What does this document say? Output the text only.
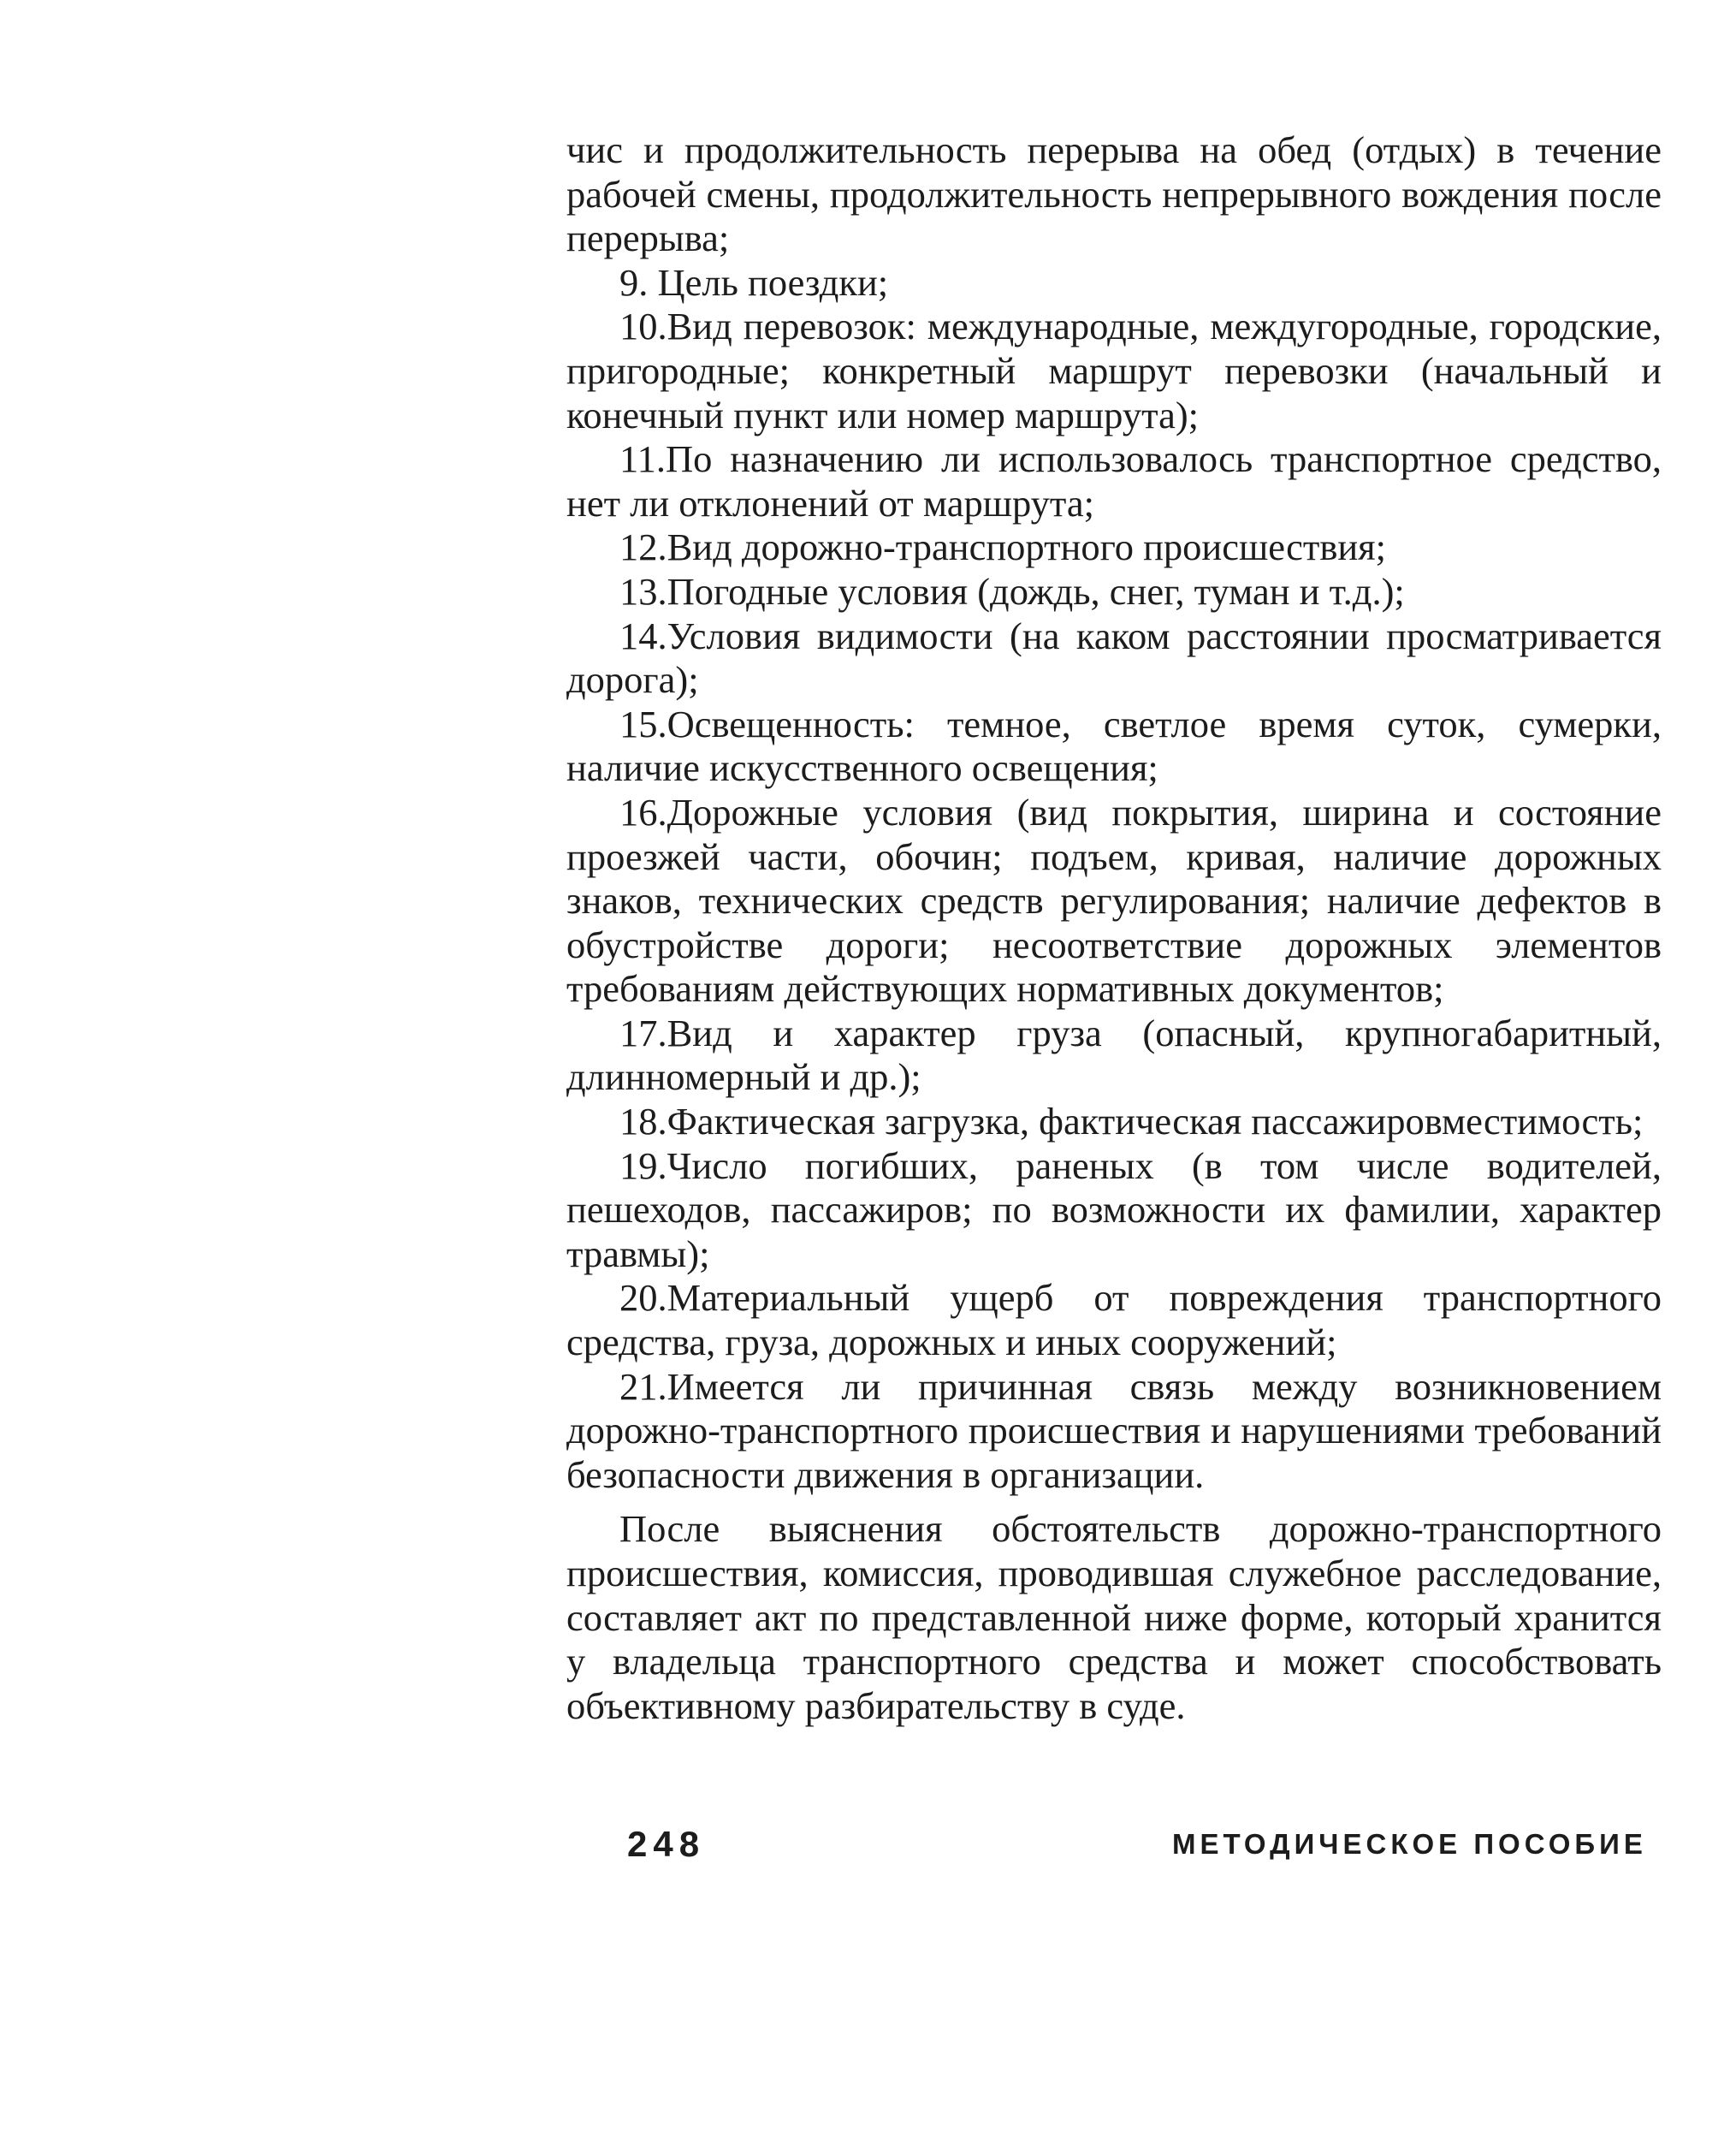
чис и продолжительность перерыва на обед (отдых) в течение рабочей смены, продолжительность непрерывного вождения после перерыва;

9. Цель поездки;

10.Вид перевозок: международные, междугородные, городские, пригородные; конкретный маршрут перевозки (начальный и конечный пункт или номер маршрута);

11.По назначению ли использовалось транспортное средство, нет ли отклонений от маршрута;

12.Вид дорожно-транспортного происшествия;

13.Погодные условия (дождь, снег, туман и т.д.);

14.Условия видимости (на каком расстоянии просматривается дорога);

15.Освещенность: темное, светлое время суток, сумерки, наличие искусственного освещения;

16.Дорожные условия (вид покрытия, ширина и состояние проезжей части, обочин; подъем, кривая, наличие дорожных знаков, технических средств регулирования; наличие дефектов в обустройстве дороги; несоответствие дорожных элементов требованиям действующих нормативных документов;

17.Вид и характер груза (опасный, крупногабаритный, длинномерный и др.);

18.Фактическая загрузка, фактическая пассажировместимость;

19.Число погибших, раненых (в том числе водителей, пешеходов, пассажиров; по возможности их фамилии, характер травмы);

20.Материальный ущерб от повреждения транспортного средства, груза, дорожных и иных сооружений;

21.Имеется ли причинная связь между возникновением дорожно-транспортного происшествия и нарушениями требований безопасности движения в организации.

После выяснения обстоятельств дорожно-транспортного происшествия, комиссия, проводившая служебное расследование, составляет акт по представленной ниже форме, который хранится у владельца транспортного средства и может способствовать объективному разбирательству в суде.

248	МЕТОДИЧЕСКОЕ ПОСОБИЕ
